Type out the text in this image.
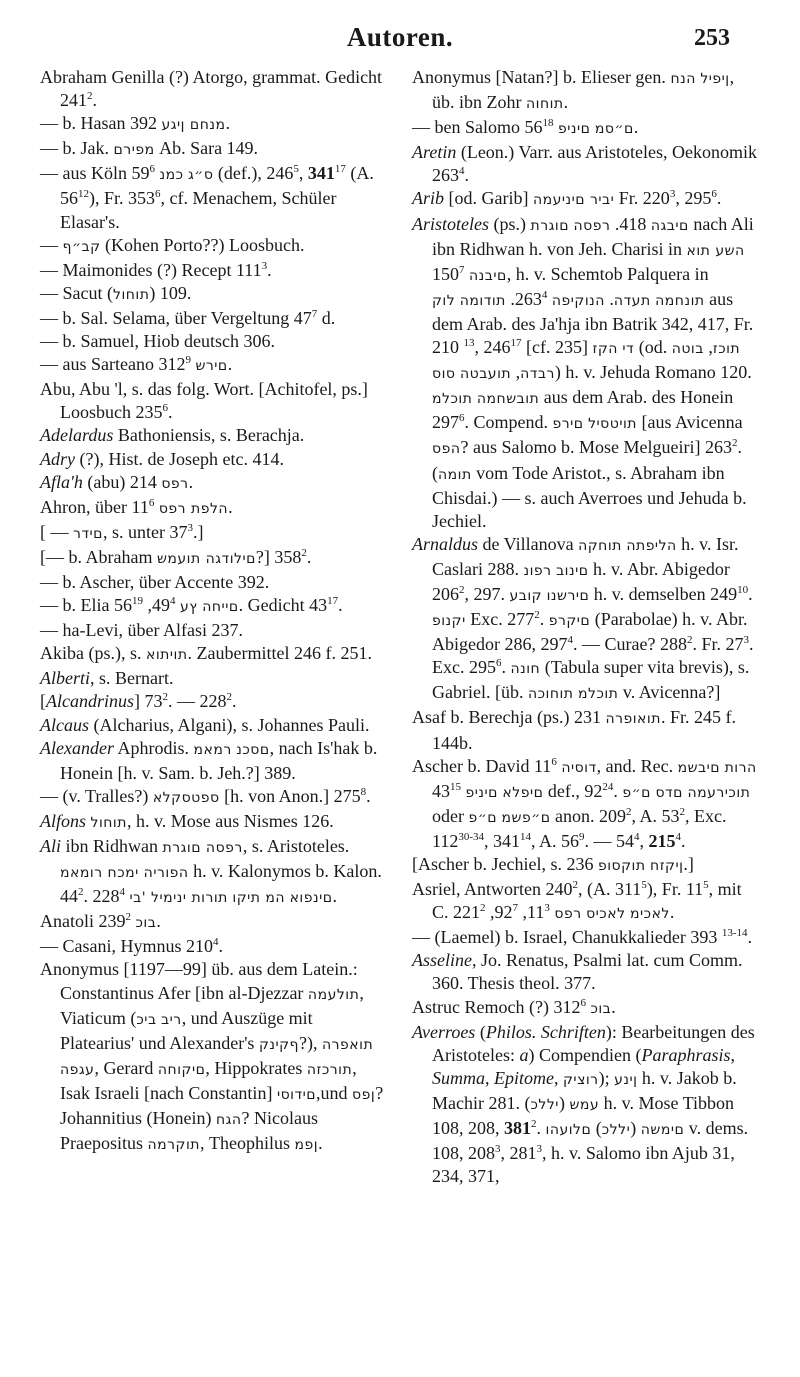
Autoren.	253

Abraham Genilla (?) Atorgo, grammat. Gedicht $241^2$.

— b. Hasan מנחם ןיגע 392.

— b. Jak. מפירם Ab. Sara 149.

— aus Köln	ס״ג כמנ $59^6$	(def.), $246^5$, $341^{17}$ (A. $56^{12}$), Fr. $353^6$, cf. Menachem, Schüler Elasar's.

— קב״ף (Kohen Porto??) Loosbuch.

— Maimonides (?) Recept $111^3$.

— Sacut (תוחול) 109.

— b. Sal. Selama, über Vergeltung $47^7$ d.

— b. Samuel, Hiob deutsch 306.

— aus Sarteano	םירש $312^9$ .

Abu, Abu 'l, s. das folg. Wort. [Achitofel, ps.] Loosbuch $235^6$.

Adelardus Bathoniensis, s. Berachja.

Adry (?), Hist. de Joseph etc. 414.

Afla'h (abu) רפס 214.

Ahron, über הלפת רפס $11^6$	.

[ — םידר, s. unter $37^3$.]

[— b. Abraham םילודגה תועמש?] $358^2$.

— b. Ascher, über Accente 392.

— b. Elia	םייחה ץע $49^4$, $56^{19}$	. Gedicht $43^{17}$.

— ha-Levi, über Alfasi 237.

Akiba (ps.), s. תויתוא. Zaubermittel 246 f. 251.

Alberti, s. Bernart.

[Alcandrinus] $73^2$. — $228^2$.

Alcaus (Alcharius, Algani), s. Johannes Pauli.

Alexander Aphrodis.	םסכנ רמאמ , nach Is'hak b. Honein [h. v. Sam. b. Jeh.?] 389.

— (v. Tralles?) ספטסקלא [h. von Anon.] $275^8$.

Alfons תוחול, h. v. Mose aus Nismes 126.

Ali ibn Ridhwan רפסה םוגרת, s. Aristoteles. הפוריה ימכח רומאמ h. v. Kalonymos b. Kalon. $44^2$.	םינפוא המ תיקו תורות ינימיל 'בי $228^4$	.

Anatoli	בוכ $239^2$ .

— Casani, Hymnus $210^4$.

Anonymus [1197—99] üb. aus dem Latein.: Constantinus Afer [ibn al-Djezzar תולעמה, Viaticum ( ריב ביכ , und Auszüge mit Platearius' und Alexander's ףקינק?), תואפרה עגפה, Gerard םיקוחה, Hippokrates תורכזה, Isak Israeli [nach Constantin] םידוסי,und ןפס? Johannitius (Honein) הגח? Nicolaus Praepositus תוקרמה, Theophilus ןפמ.

Anonymus [Natan?] b. Elieser gen. ןיפיל הנח , üb. ibn Zohr תוחוה.

— ben Salomo	ם״סמ םיניפ $56^{18}$	.

Aretin (Leon.) Varr. aus Aristoteles, Oekonomik $263^4$.

Arib [od. Garib] יביר םיניעמה Fr. $220^3$, $295^6$.

Aristoteles (ps.)	םיבגה 418. רפסה םוגרת	nach Ali ibn Ridhwan h. von Jeh. Charisi in השע תוא םיבנה $150^7$ , h. v. Schemtob Palquera in תונחמה תעדה. הנוקיפה $263^4$. תודומה לוק	aus dem Arab. des Ja'hja ibn Batrik 342, 417, Fr. 210 $^{13}$, $246^{17}$ [cf. 235] די הקז (od.	תוכז, בוטה רבדה, תועבטה סוס	) h. v. Jehuda Romano 120. תובשחמה תוכלמ	aus dem Arab. des Honein $297^6$. Compend.	תויטסיל םירפ	[aus Avicenna הפס? aus Salomo b. Mose Melgueiri] $263^2$. (תומה vom Tode Aristot., s. Abraham ibn Chisdai.) — s. auch Averroes und Jehuda b. Jechiel.

Arnaldus de Villanova	הליפתה תוחקה	h. v. Isr. Caslari 288. םינוב רפונ h. v. Abr. Abigedor $206^2$, 297.	םירשנו קובע	h. v. demselben $249^{10}$. יקנופ Exc. $277^2$. םיקרפ (Parabolae) h. v. Abr. Abigedor 286, $297^4$. — Curae? $288^2$. Fr. $27^3$. Exc. $295^6$. חונה (Tabula super vita brevis), s. Gabriel. [üb.	תוכלמ תוחוכה v. Avicenna?]

Asaf b. Berechja (ps.) תואופרה 231. Fr. 245 f. 144b.

Ascher b. David דוסיה $11^6$ , and. Rec.	הרות םיבשמ םיפלא םיניפ $43^{15}$	def., $92^{24}$.	תוכירעמה םדס ם״פ oder ם״פשמ ם״פ	anon. $209^2$, A. $53^2$, Exc. 112$^{30-34}$, $341^{14}$, A. $56^9$. — $54^4$, $215^4$.

[Ascher b. Jechiel, s.	ןיקזח תוקסופ 236.]

Asriel, Antworten $240^2$, (A. $311^5$), Fr. $11^5$, mit C.	לאכימ לאכיס רפס $11^3$, $92^7$, $221^2$	.

— (Laemel) b. Israel, Chanukkalieder 393 $^{13-14}$.

Asseline, Jo. Renatus, Psalmi lat. cum Comm. 360. Thesis theol. 377.

Astruc Remoch (?)	בוכ $312^6$ .

Averroes (Philos. Schriften): Bearbeitungen des Aristoteles: a) Compendien (Paraphrasis, Summa, Epitome, רוציק); ןינע h. v. Jakob b. Machir 281.	עמש (יללכ) h. v. Mose Tibbon 108, 208, $381^2$.	םימשה (יללכ) םלועהו	v. dems. 108, $208^3$, $281^3$, h. v. Salomo ibn Ajub 31, 234, 371,
